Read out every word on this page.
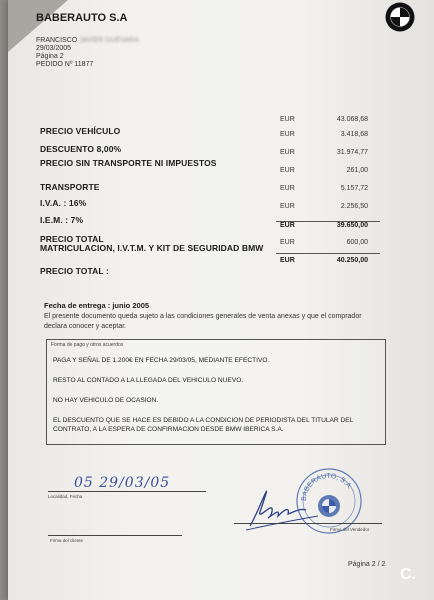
BABERAUTO S.A
FRANCISCO JAVIER GUEVARA
29/03/2005
Página 2
PEDIDO Nº 11877
PRECIO VEHÍCULO
EUR	43.068,68
DESCUENTO 8,00%
EUR	3.418,68
PRECIO SIN TRANSPORTE NI IMPUESTOS
EUR	31.974,77
TRANSPORTE
EUR	261,00
I.V.A. : 16%
EUR	5.157,72
I.E.M. : 7%
EUR	2.256,50
PRECIO TOTAL
EUR	39.650,00
MATRICULACION, I.V.T.M. Y KIT DE SEGURIDAD BMW
EUR	600,00
PRECIO TOTAL :
EUR	40.250,00
Fecha de entrega : junio 2005
El presente documento queda sujeto a las condiciones generales de venta anexas y que el comprador declara conocer y aceptar.
Forma de pago y otros acuerdos
PAGA Y SEÑAL DE 1.200€ EN FECHA 29/03/05, MEDIANTE EFECTIVO.
RESTO AL CONTADO A LA LLEGADA DEL VEHICULO NUEVO.
NO HAY VEHICULO DE OCASION.
EL DESCUENTO QUE SE HACE ES DEBIDO A LA CONDICION DE PERIODISTA DEL TITULAR DEL CONTRATO, A LA ESPERA DE CONFIRMACION DESDE BMW IBERICA S.A.
05 29/03/05
Localidad, Fecha
Firma del cliente
BABERAUTO, S.A.
Firma del Vendedor
Página 2 / 2
C.
